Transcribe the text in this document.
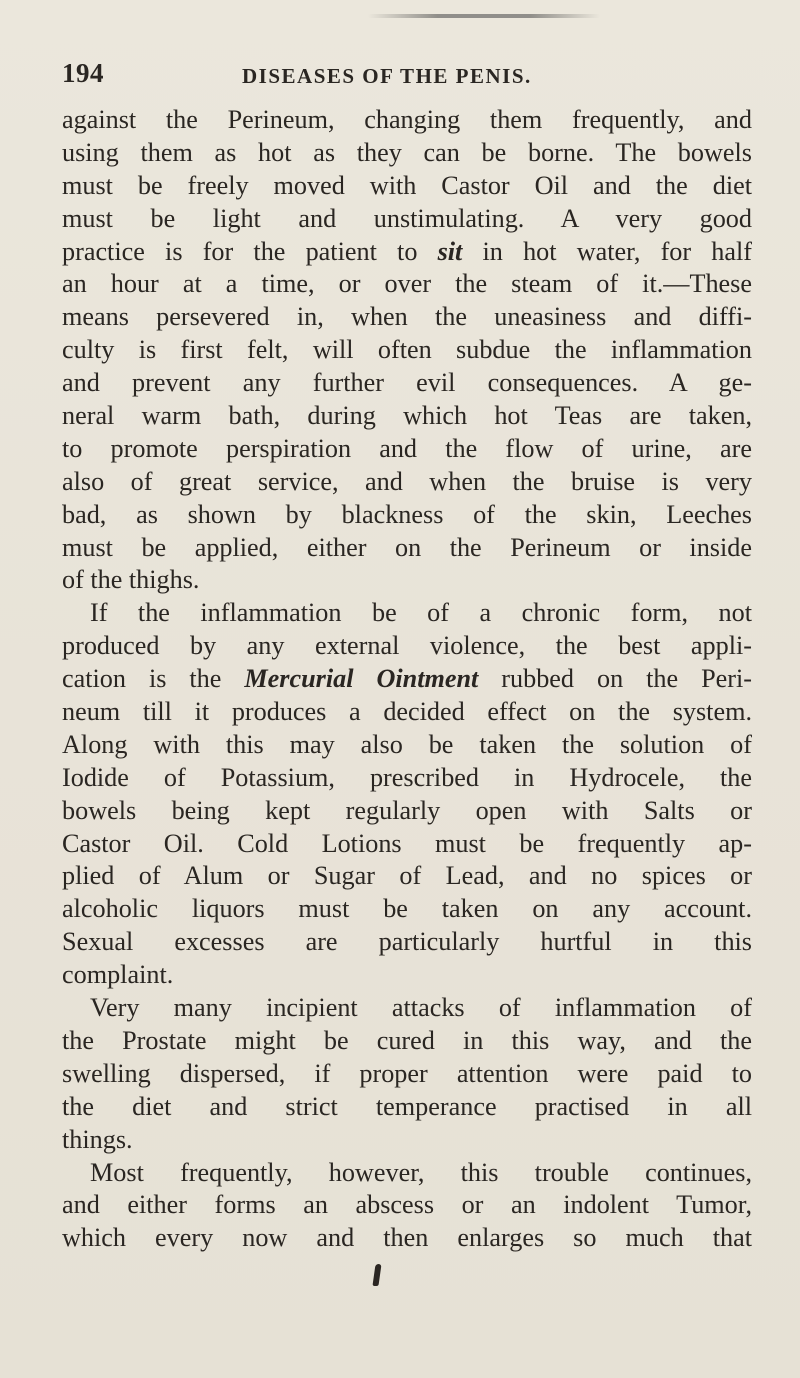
194	DISEASES OF THE PENIS.
against the Perineum, changing them frequently, and
using them as hot as they can be borne. The bowels
must be freely moved with Castor Oil and the diet
must be light and unstimulating. A very good
practice is for the patient to sit in hot water, for half
an hour at a time, or over the steam of it.—These
means persevered in, when the uneasiness and diffi-
culty is first felt, will often subdue the inflammation
and prevent any further evil consequences. A ge-
neral warm bath, during which hot Teas are taken,
to promote perspiration and the flow of urine, are
also of great service, and when the bruise is very
bad, as shown by blackness of the skin, Leeches
must be applied, either on the Perineum or inside
of the thighs.
If the inflammation be of a chronic form, not
produced by any external violence, the best appli-
cation is the Mercurial Ointment rubbed on the Peri-
neum till it produces a decided effect on the system.
Along with this may also be taken the solution of
Iodide of Potassium, prescribed in Hydrocele, the
bowels being kept regularly open with Salts or
Castor Oil. Cold Lotions must be frequently ap-
plied of Alum or Sugar of Lead, and no spices or
alcoholic liquors must be taken on any account.
Sexual excesses are particularly hurtful in this
complaint.
Very many incipient attacks of inflammation of
the Prostate might be cured in this way, and the
swelling dispersed, if proper attention were paid to
the diet and strict temperance practised in all
things.
Most frequently, however, this trouble continues,
and either forms an abscess or an indolent Tumor,
which every now and then enlarges so much that
